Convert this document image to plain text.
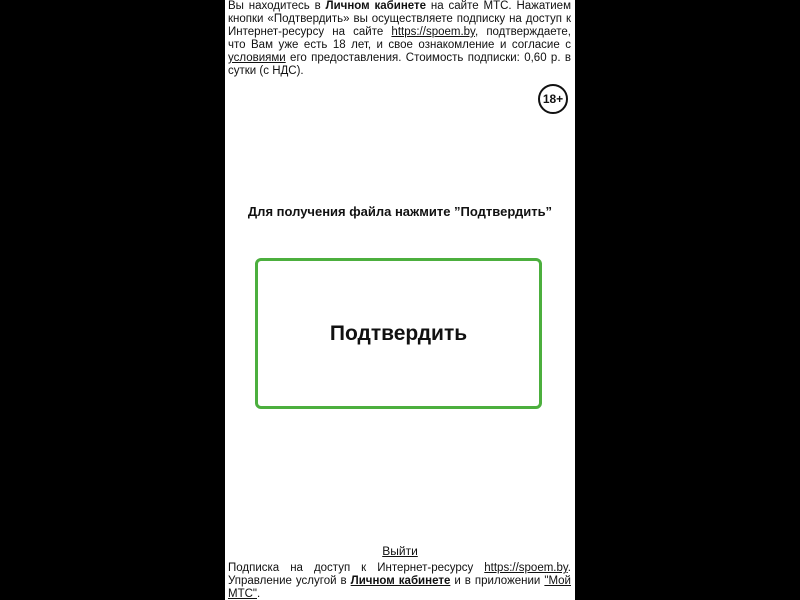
Вы находитесь в Личном кабинете на сайте МТС. Нажатием кнопки «Подтвердить» вы осуществляете подписку на доступ к Интернет-ресурсу на сайте https://spoem.by, подтверждаете, что Вам уже есть 18 лет, и свое ознакомление и согласие с условиями его предоставления. Стоимость подписки: 0,60 р. в сутки (с НДС).
18+
Для получения файла нажмите ”Подтвердить”
Подтвердить
Выйти
Подписка на доступ к Интернет-ресурсу https://spoem.by. Управление услугой в Личном кабинете и в приложении "Мой МТС".
